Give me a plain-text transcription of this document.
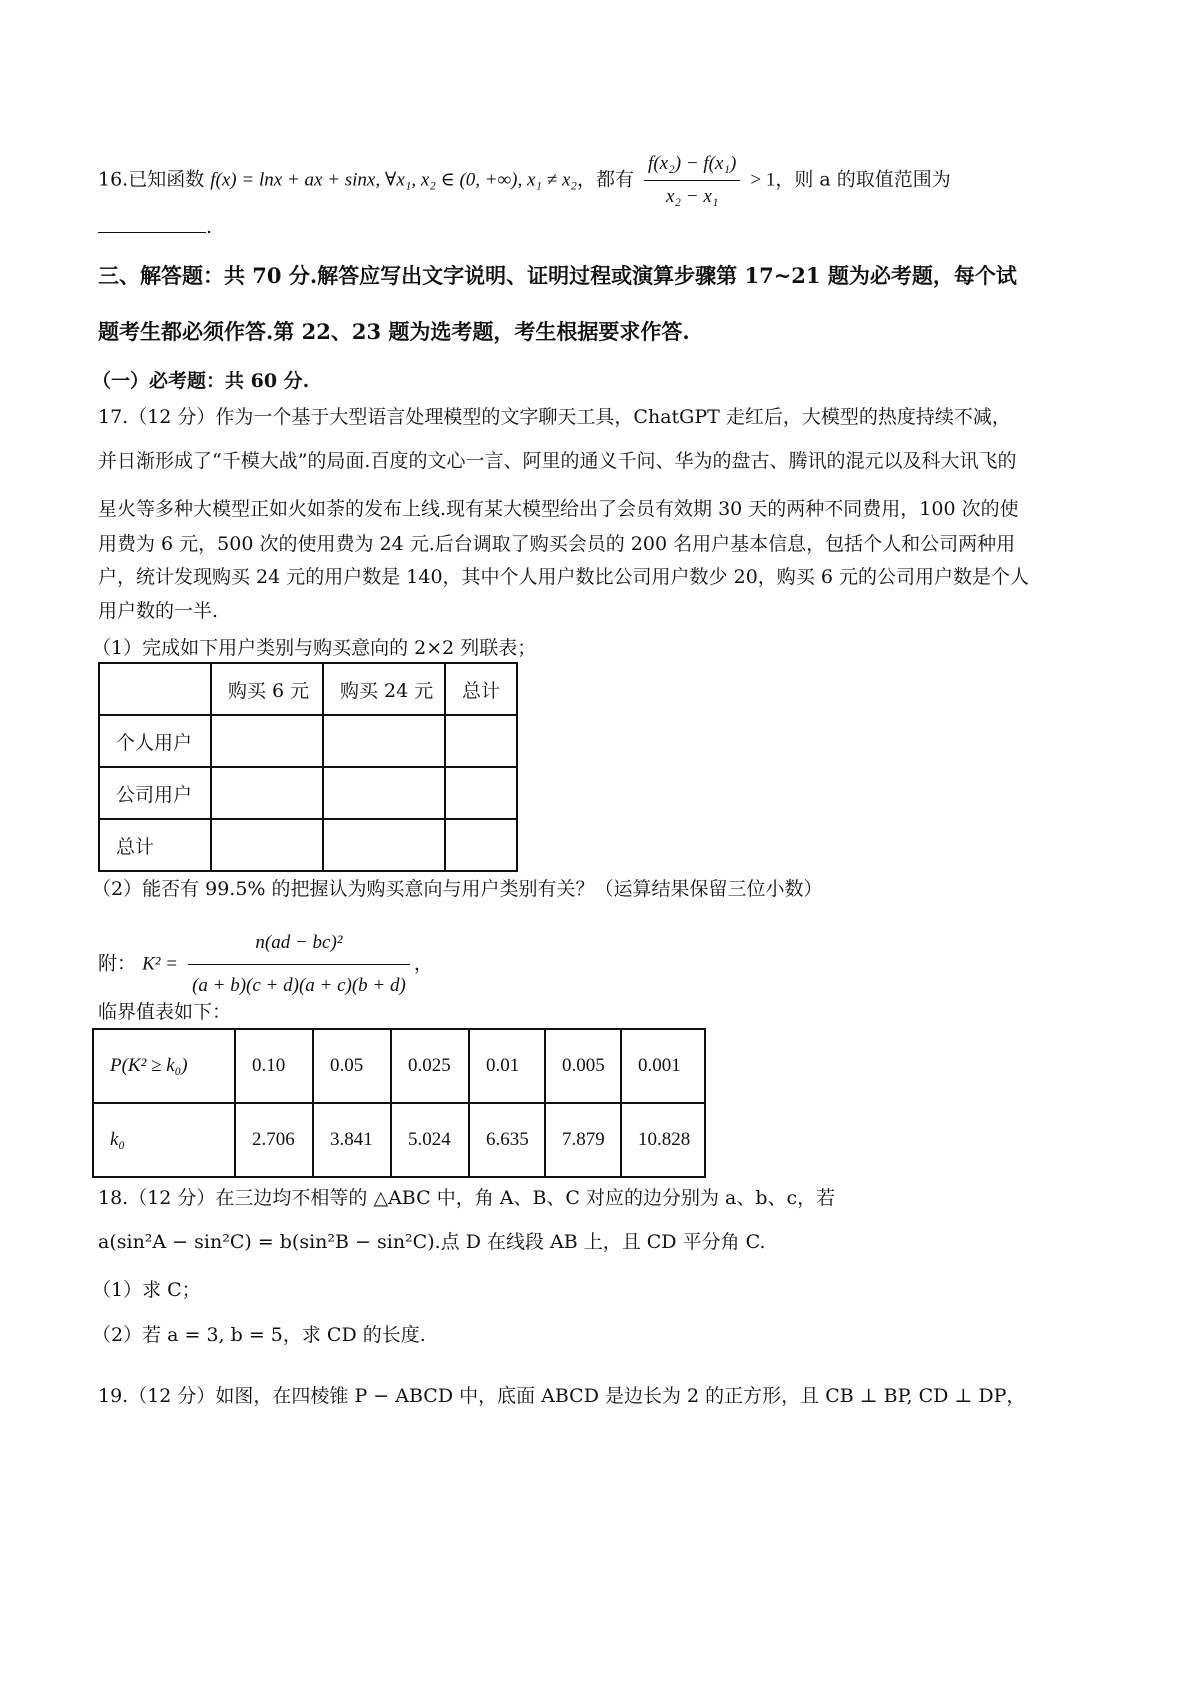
16.已知函数 f(x) = lnx + ax + sinx, ∀x₁, x₂ ∈ (0, +∞), x₁ ≠ x₂，都有 $\frac{\text{f(x₂) − f(x₁)}}{\text{x₂ − x₁}} > 1$，则 a 的取值范围为
.
三、解答题：共 70 分.解答应写出文字说明、证明过程或演算步骤第 17~21 题为必考题，每个试
题考生都必须作答.第 22、23 题为选考题，考生根据要求作答.
（一）必考题：共 60 分.
17.（12 分）作为一个基于大型语言处理模型的文字聊天工具，ChatGPT 走红后，大模型的热度持续不减，
并日渐形成了“千模大战”的局面.百度的文心一言、阿里的通义千问、华为的盘古、腾讯的混元以及科大讯飞的
星火等多种大模型正如火如荼的发布上线.现有某大模型给出了会员有效期 30 天的两种不同费用，100 次的使
用费为 6 元，500 次的使用费为 24 元.后台调取了购买会员的 200 名用户基本信息，包括个人和公司两种用
户，统计发现购买 24 元的用户数是 140，其中个人用户数比公司用户数少 20，购买 6 元的公司用户数是个人
用户数的一半.
（1）完成如下用户类别与购买意向的 2×2 列联表；
	购买 6 元	购买 24 元	总计
个人用户			
公司用户			
总计			
（2）能否有 99.5% 的把握认为购买意向与用户类别有关？（运算结果保留三位小数）
附： $K^2 = \frac{\text{n(ad − bc)²}}{(a + b)(c + d)(a + c)(b + d)}$ ，
临界值表如下：
P(K² ≥ k₀)	0.10	0.05	0.025	0.01	0.005	0.001
k₀	2.706	3.841	5.024	6.635	7.879	10.828
18.（12 分）在三边均不相等的 △ABC 中，角 A、B、C 对应的边分别为 a、b、c，若
a(sin²A − sin²C) = b(sin²B − sin²C).点 D 在线段 AB 上，且 CD 平分角 C.
（1）求 C；
（2）若 a = 3, b = 5，求 CD 的长度.
19.（12 分）如图，在四棱锥 P − ABCD 中，底面 ABCD 是边长为 2 的正方形，且 CB ⊥ BP, CD ⊥ DP，
